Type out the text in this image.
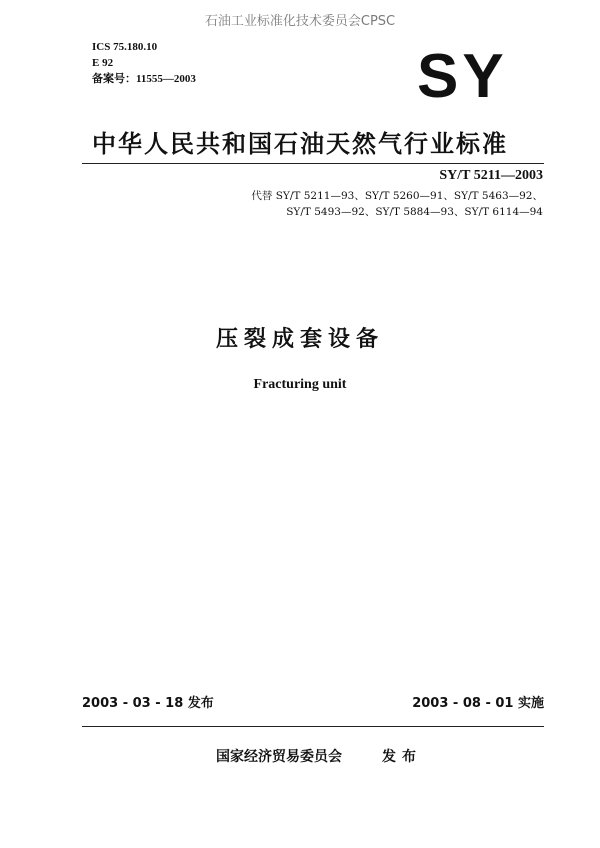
石油工业标准化技术委员会CPSC
ICS 75.180.10
E 92
备案号：11555—2003	SY
中华人民共和国石油天然气行业标准
SY/T 5211—2003
代替 SY/T 5211—93、SY/T 5260—91、SY/T 5463—92、
SY/T 5493—92、SY/T 5884—93、SY/T 6114—94
压裂成套设备
Fracturing unit
2003 - 03 - 18 发布	2003 - 08 - 01 实施
国家经济贸易委员会	发布
